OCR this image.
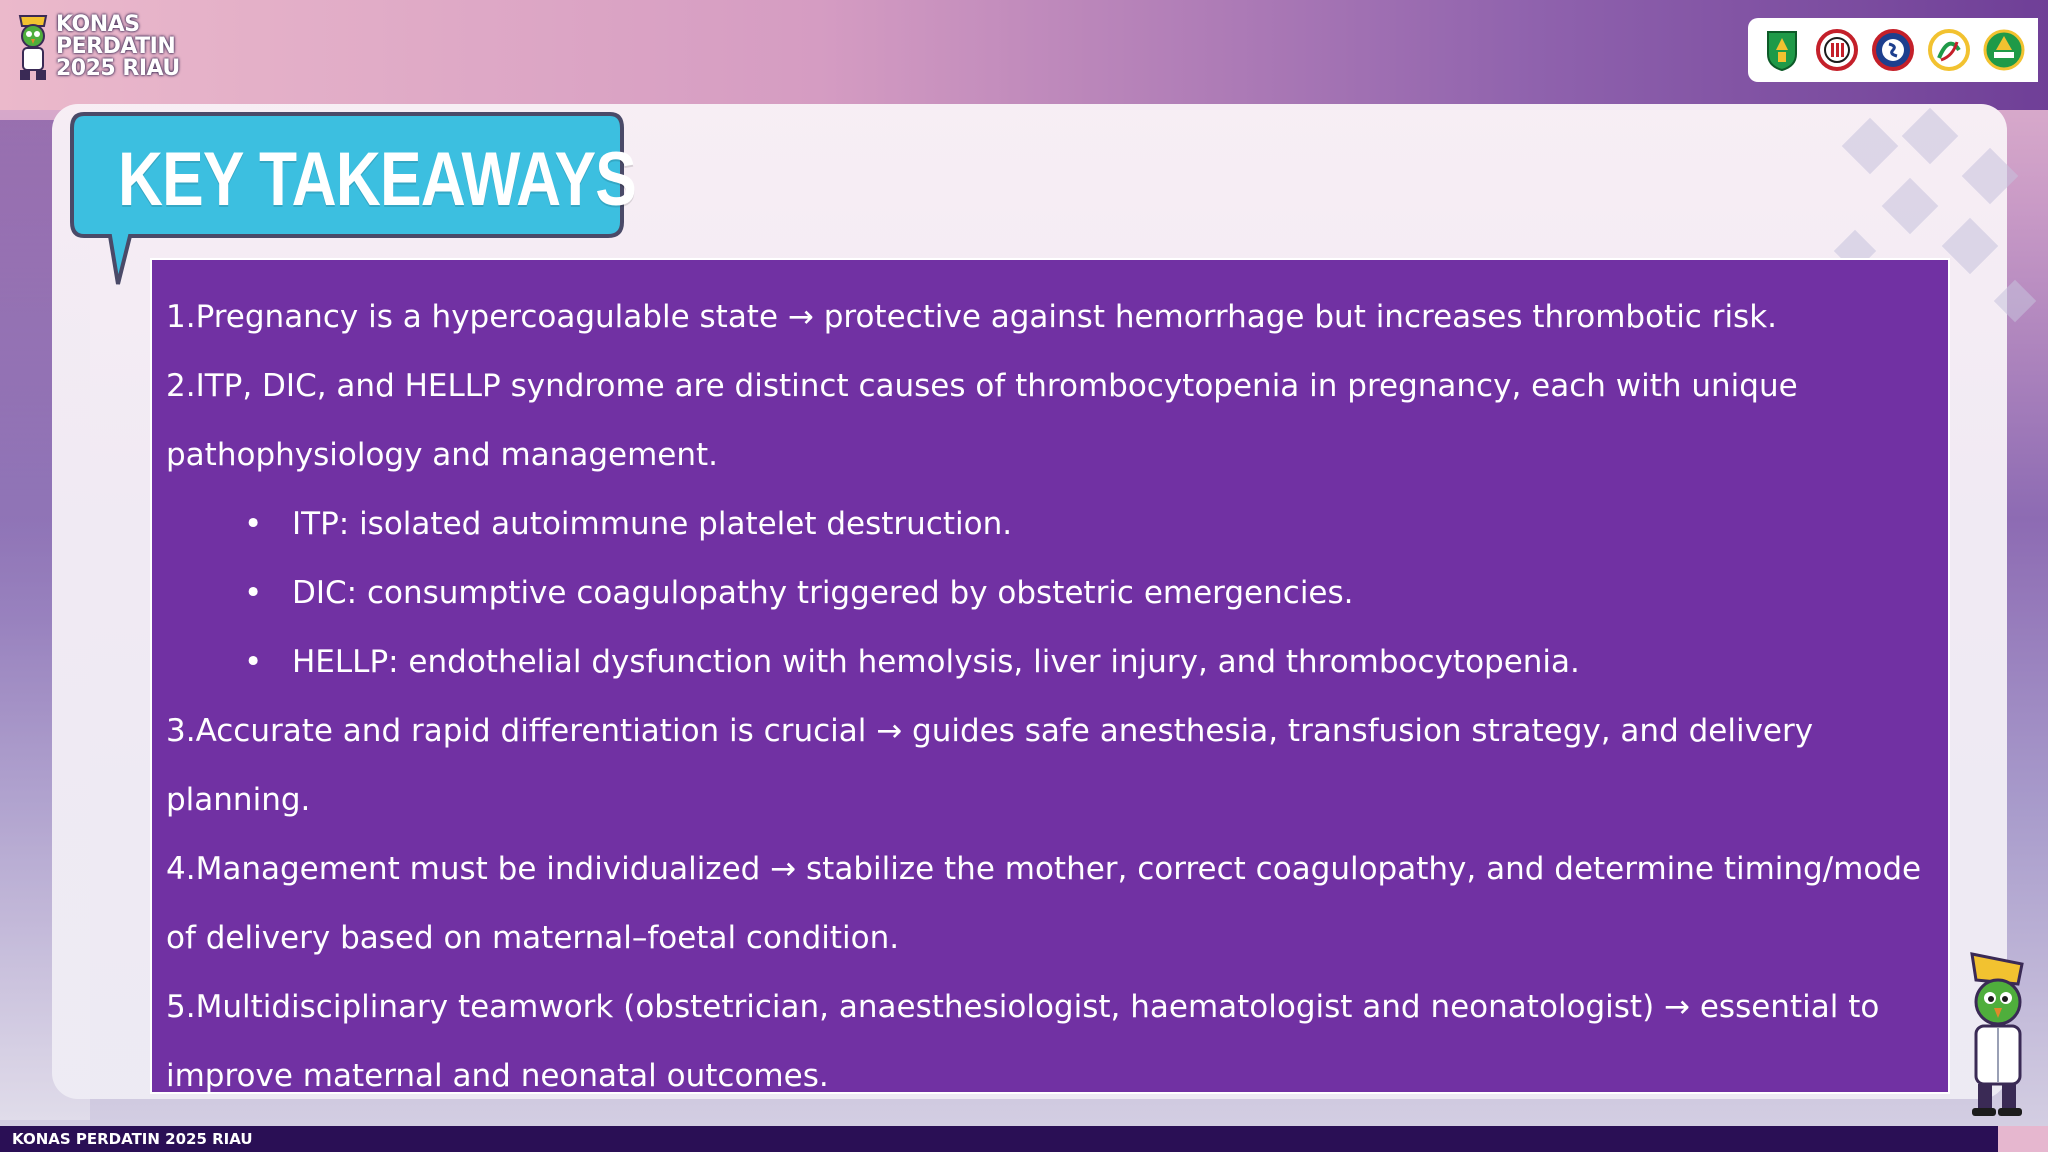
KONAS
PERDATIN
2025 RIAU
KEY TAKEAWAYS
1.Pregnancy is a hypercoagulable state → protective against hemorrhage but increases thrombotic risk.
2.ITP, DIC, and HELLP syndrome are distinct causes of thrombocytopenia in pregnancy, each with unique
pathophysiology and management.
• ITP: isolated autoimmune platelet destruction.
• DIC: consumptive coagulopathy triggered by obstetric emergencies.
• HELLP: endothelial dysfunction with hemolysis, liver injury, and thrombocytopenia.
3.Accurate and rapid differentiation is crucial → guides safe anesthesia, transfusion strategy, and delivery
planning.
4.Management must be individualized → stabilize the mother, correct coagulopathy, and determine timing/mode
of delivery based on maternal–foetal condition.
5.Multidisciplinary teamwork (obstetrician, anaesthesiologist, haematologist and neonatologist) → essential to
improve maternal and neonatal outcomes.
KONAS PERDATIN 2025 RIAU
